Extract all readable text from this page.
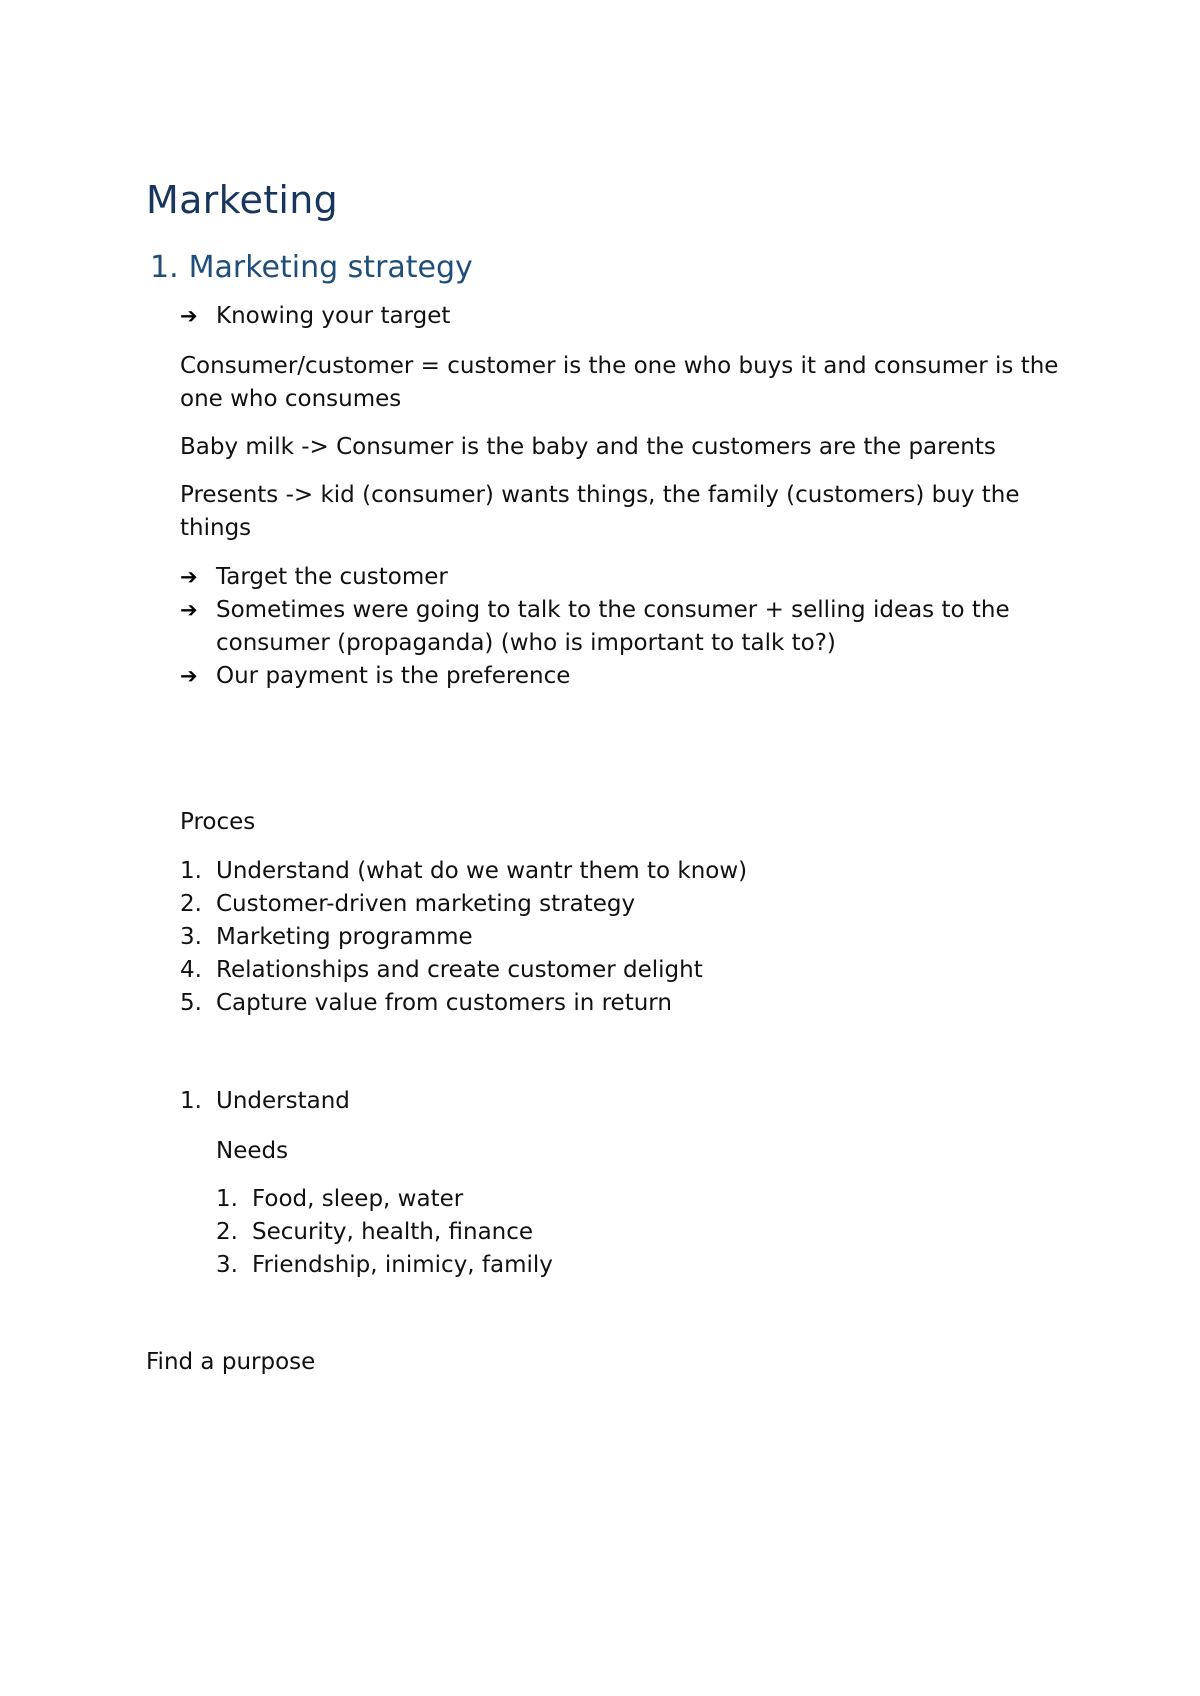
Marketing
1. Marketing strategy
➔ Knowing your target

Consumer/customer = customer is the one who buys it and consumer is the one who consumes

Baby milk -> Consumer is the baby and the customers are the parents

Presents -> kid (consumer) wants things, the family (customers) buy the things

➔ Target the customer
➔ Sometimes were going to talk to the consumer + selling ideas to the consumer (propaganda) (who is important to talk to?)
➔ Our payment is the preference

Proces

1. Understand (what do we wantr them to know)
2. Customer-driven marketing strategy
3. Marketing programme
4. Relationships and create customer delight
5. Capture value from customers in return
1. Understand

Needs

1. Food, sleep, water
2. Security, health, finance
3. Friendship, inimicy, family

Find a purpose
